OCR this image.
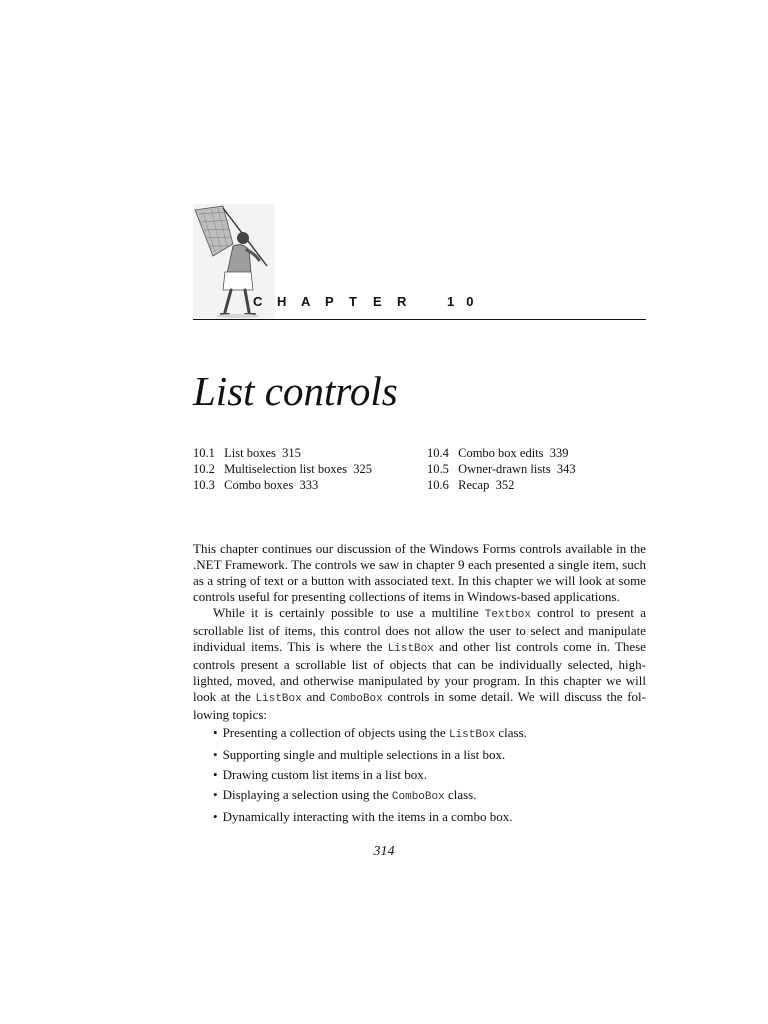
C H A P T E R	10
List controls
10.1 List boxes 315
10.2 Multiselection list boxes 325
10.3 Combo boxes 333
10.4 Combo box edits 339
10.5 Owner-drawn lists 343
10.6 Recap 352

This chapter continues our discussion of the Windows Forms controls available in the .NET Framework. The controls we saw in chapter 9 each presented a single item, such as a string of text or a button with associated text. In this chapter we will look at some controls useful for presenting collections of items in Windows-based applications.

While it is certainly possible to use a multiline Textbox control to present a scrollable list of items, this control does not allow the user to select and manipulate individual items. This is where the ListBox and other list controls come in. These controls present a scrollable list of objects that can be individually selected, high-lighted, moved, and otherwise manipulated by your program. In this chapter we will look at the ListBox and ComboBox controls in some detail. We will discuss the fol-lowing topics:

• Presenting a collection of objects using the ListBox class.
• Supporting single and multiple selections in a list box.
• Drawing custom list items in a list box.
• Displaying a selection using the ComboBox class.
• Dynamically interacting with the items in a combo box.
314
